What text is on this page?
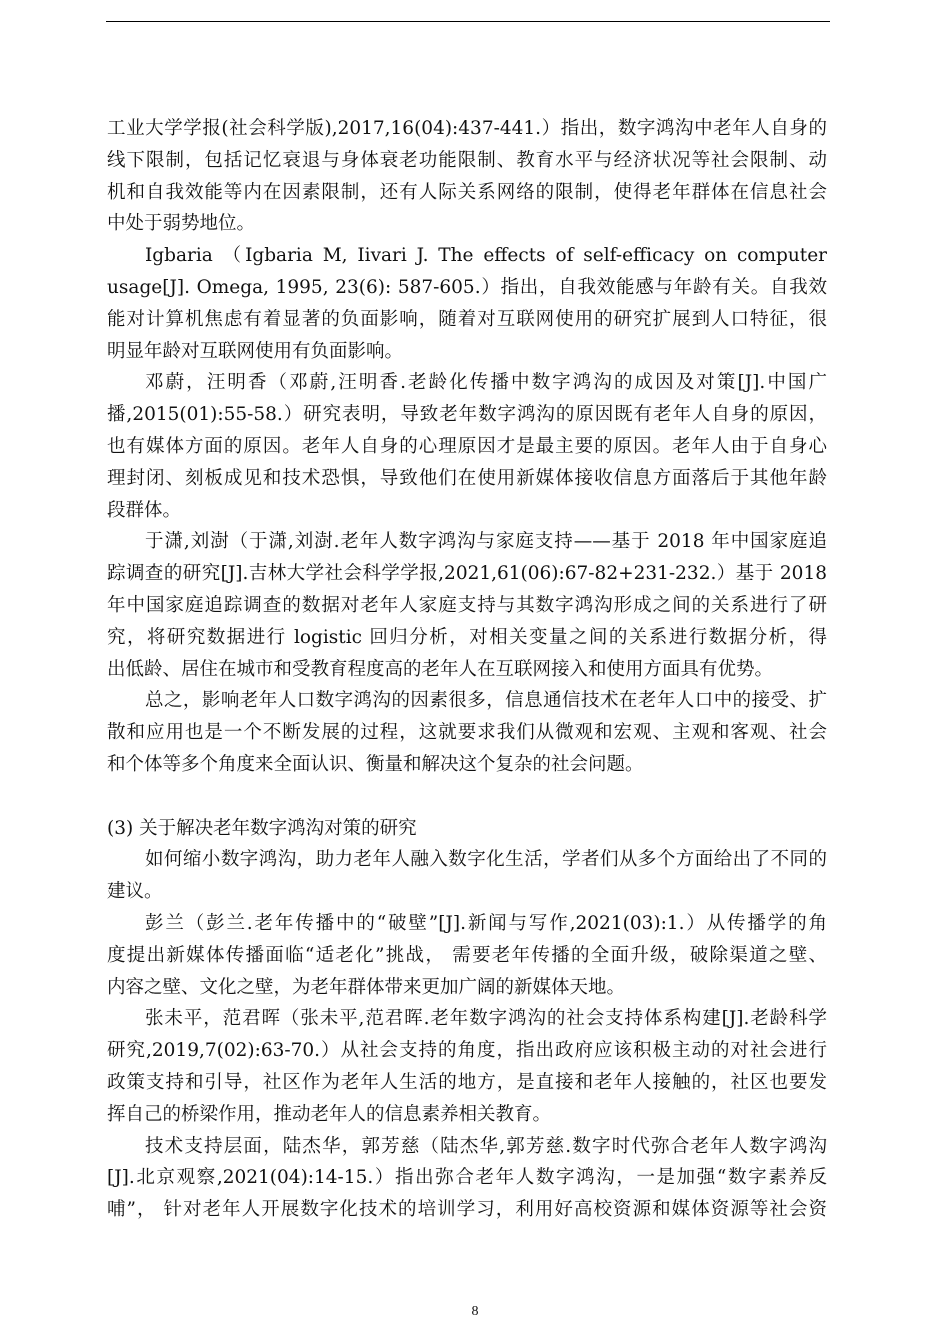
工业大学学报(社会科学版),2017,16(04):437-441.）指出，数字鸿沟中老年人自身的
线下限制，包括记忆衰退与身体衰老功能限制、教育水平与经济状况等社会限制、动
机和自我效能等内在因素限制，还有人际关系网络的限制，使得老年群体在信息社会
中处于弱势地位。
Igbaria （Igbaria M, Iivari J. The effects of self-efficacy on computer
usage[J]. Omega, 1995, 23(6): 587-605.）指出，自我效能感与年龄有关。自我效
能对计算机焦虑有着显著的负面影响，随着对互联网使用的研究扩展到人口特征，很
明显年龄对互联网使用有负面影响。
邓蔚，汪明香（邓蔚,汪明香.老龄化传播中数字鸿沟的成因及对策[J].中国广
播,2015(01):55-58.）研究表明，导致老年数字鸿沟的原因既有老年人自身的原因，
也有媒体方面的原因。老年人自身的心理原因才是最主要的原因。老年人由于自身心
理封闭、刻板成见和技术恐惧，导致他们在使用新媒体接收信息方面落后于其他年龄
段群体。
于潇,刘澍（于潇,刘澍.老年人数字鸿沟与家庭支持——基于 2018 年中国家庭追
踪调查的研究[J].吉林大学社会科学学报,2021,61(06):67-82+231-232.）基于 2018
年中国家庭追踪调查的数据对老年人家庭支持与其数字鸿沟形成之间的关系进行了研
究，将研究数据进行 logistic 回归分析，对相关变量之间的关系进行数据分析，得
出低龄、居住在城市和受教育程度高的老年人在互联网接入和使用方面具有优势。
总之，影响老年人口数字鸿沟的因素很多，信息通信技术在老年人口中的接受、扩
散和应用也是一个不断发展的过程，这就要求我们从微观和宏观、主观和客观、社会
和个体等多个角度来全面认识、衡量和解决这个复杂的社会问题。
(3) 关于解决老年数字鸿沟对策的研究
如何缩小数字鸿沟，助力老年人融入数字化生活，学者们从多个方面给出了不同的
建议。
彭兰（彭兰.老年传播中的“破壁”[J].新闻与写作,2021(03):1.）从传播学的角
度提出新媒体传播面临“适老化”挑战， 需要老年传播的全面升级，破除渠道之壁、
内容之壁、文化之壁，为老年群体带来更加广阔的新媒体天地。
张未平，范君晖（张未平,范君晖.老年数字鸿沟的社会支持体系构建[J].老龄科学
研究,2019,7(02):63-70.）从社会支持的角度，指出政府应该积极主动的对社会进行
政策支持和引导，社区作为老年人生活的地方，是直接和老年人接触的，社区也要发
挥自己的桥梁作用，推动老年人的信息素养相关教育。
技术支持层面，陆杰华，郭芳慈（陆杰华,郭芳慈.数字时代弥合老年人数字鸿沟
[J].北京观察,2021(04):14-15.）指出弥合老年人数字鸿沟，一是加强“数字素养反
哺”， 针对老年人开展数字化技术的培训学习，利用好高校资源和媒体资源等社会资
8
